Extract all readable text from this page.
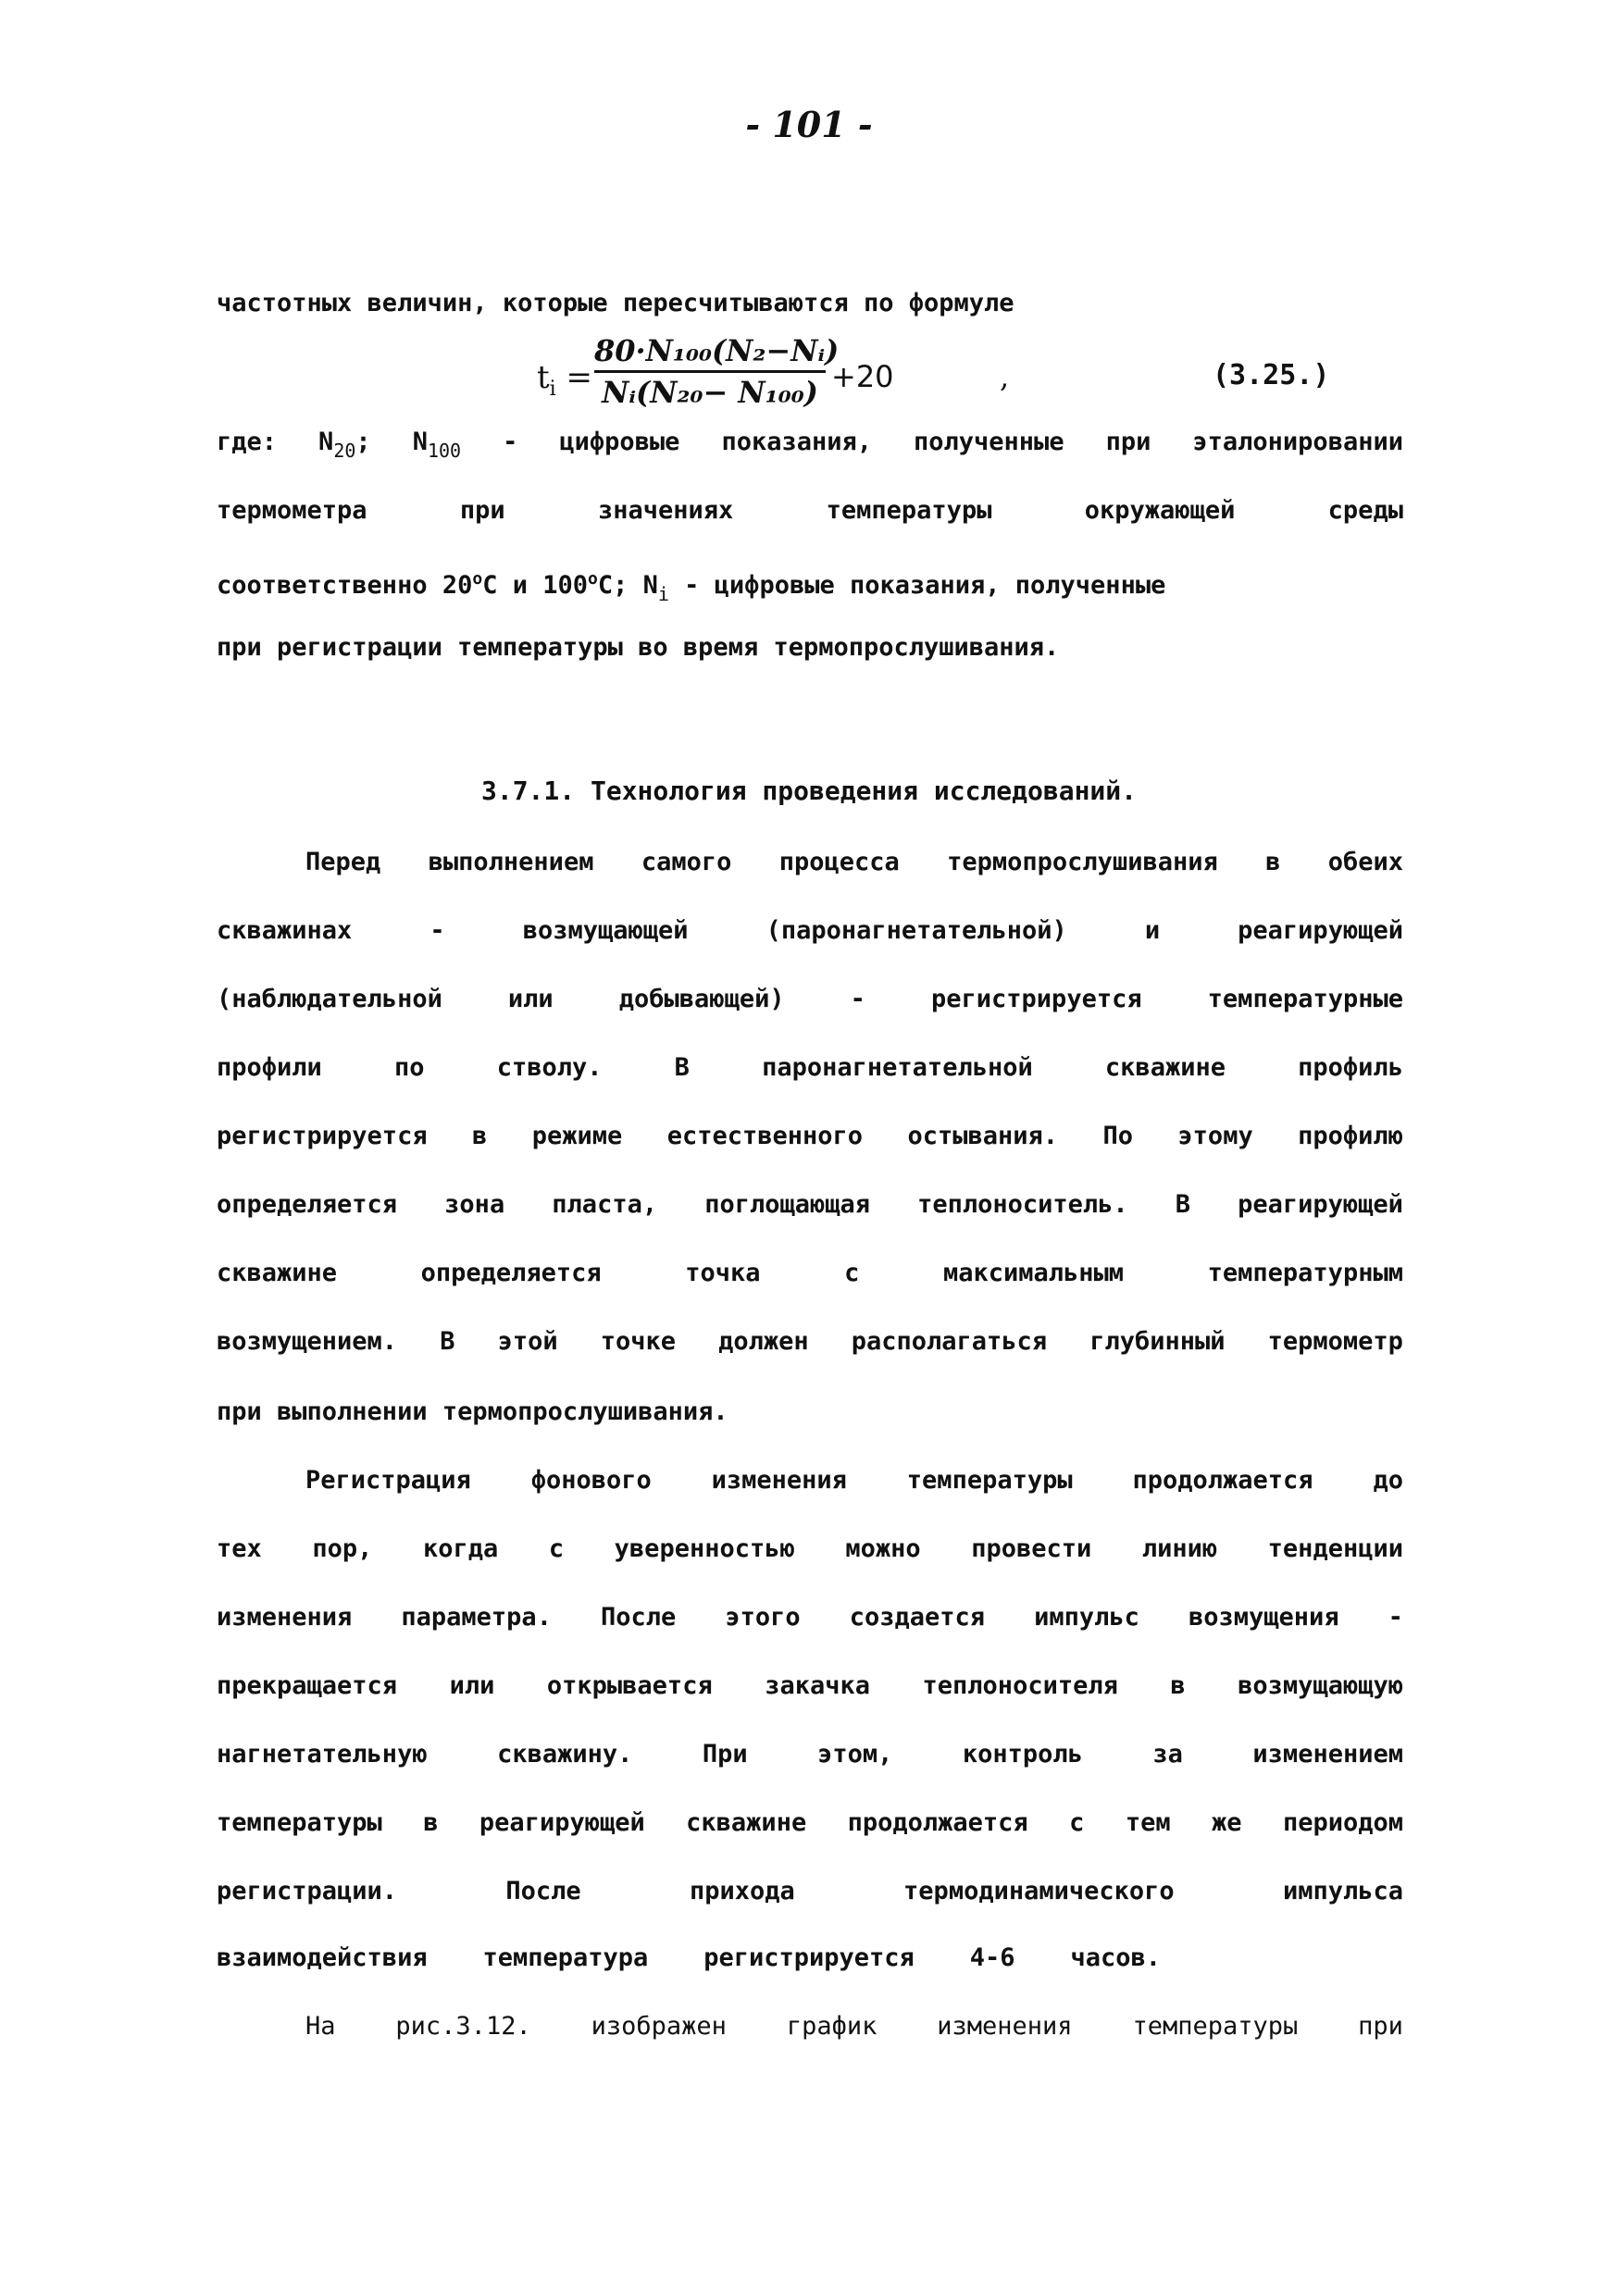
- 101 -
частотных величин, которые пересчитываются по формуле
$t_i = \frac{\text{80·N₁₀₀(N₂−Nᵢ)}}{\text{Nᵢ(N₂₀− N₁₀₀)}} +20$	,	(3.25.)
где: $N_{20}$; $N_{100}$ - цифровые показания, полученные при эталонировании
термометра	при	значениях	температуры	окружающей	среды
соответственно 20$^o$C и 100$^o$C; $N_i$ - цифровые показания, полученные
при регистрации температуры во время термопрослушивания.
3.7.1. Технология проведения исследований.
Перед выполнением самого процесса термопрослушивания в обеих
скважинах	-	возмущающей	(паронагнетательной)	и	реагирующей
(наблюдательной	или	добывающей)	-	регистрируется	температурные
профили	по	стволу.	В	паронагнетательной	скважине	профиль
регистрируется в режиме естественного остывания. По этому профилю
определяется зона пласта, поглощающая теплоноситель. В реагирующей
скважине	определяется	точка	с	максимальным	температурным
возмущением. В этой точке должен располагаться глубинный термометр
при выполнении термопрослушивания.
Регистрация фонового изменения температуры продолжается до
тех пор, когда с уверенностью можно провести линию тенденции
изменения параметра. После этого создается импульс возмущения -
прекращается или открывается закачка теплоносителя в возмущающую
нагнетательную	скважину.	При	этом,	контроль	за	изменением
температуры в реагирующей скважине продолжается с тем же периодом
регистрации.	После	прихода	термодинамического	импульса
взаимодействия температура регистрируется 4-6 часов.
На рис.3.12. изображен график изменения температуры при
